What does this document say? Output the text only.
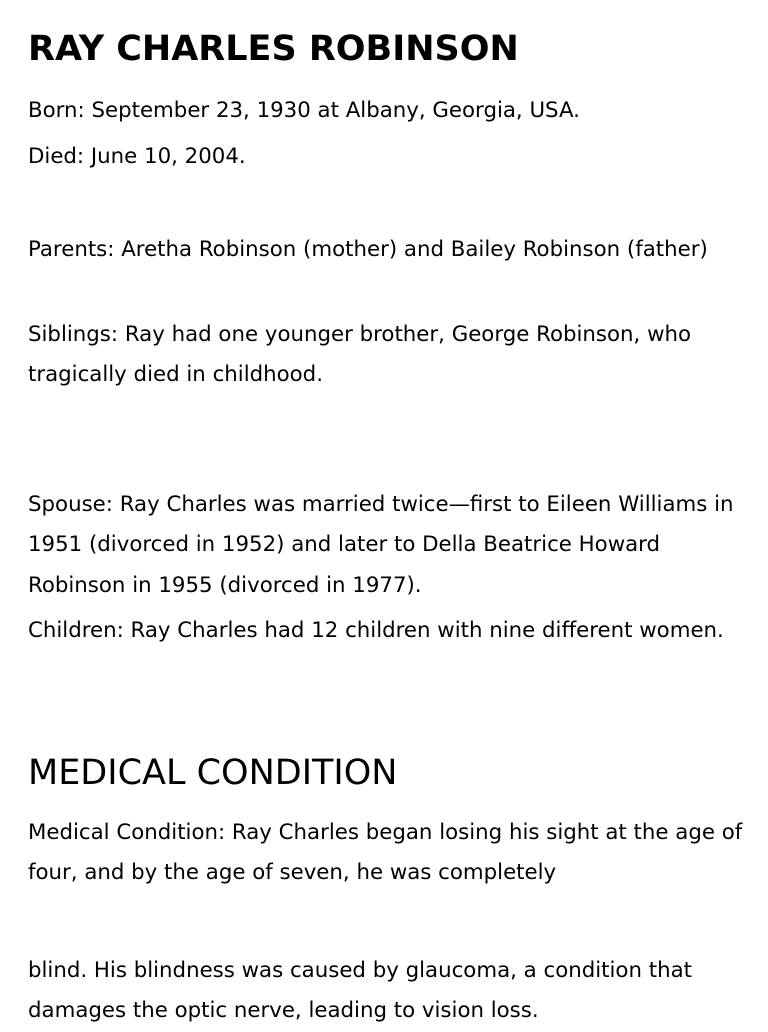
RAY CHARLES ROBINSON

Born: September 23, 1930 at Albany, Georgia, USA.

Died: June 10, 2004.

Parents: Aretha Robinson (mother) and Bailey Robinson (father)

Siblings: Ray had one younger brother, George Robinson, who tragically died in childhood.

Spouse: Ray Charles was married twice—first to Eileen Williams in 1951 (divorced in 1952) and later to Della Beatrice Howard Robinson in 1955 (divorced in 1977).

Children: Ray Charles had 12 children with nine different women.

MEDICAL CONDITION

Medical Condition: Ray Charles began losing his sight at the age of four, and by the age of seven, he was completely

blind. His blindness was caused by glaucoma, a condition that damages the optic nerve, leading to vision loss.
